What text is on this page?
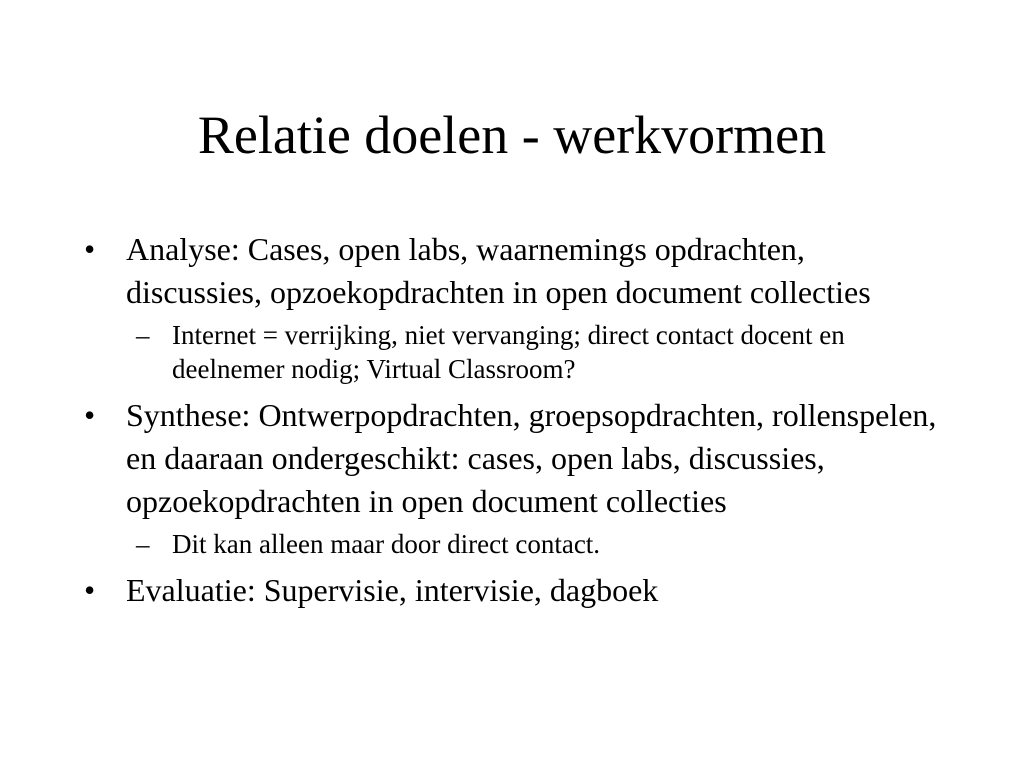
Relatie doelen - werkvormen

• Analyse: Cases, open labs, waarnemings opdrachten, discussies, opzoekopdrachten in open document collecties

– Internet = verrijking, niet vervanging; direct contact docent en deelnemer nodig; Virtual Classroom?

• Synthese: Ontwerpopdrachten, groepsopdrachten, rollenspelen, en daaraan ondergeschikt: cases, open labs, discussies, opzoekopdrachten in open document collecties

– Dit kan alleen maar door direct contact.

• Evaluatie: Supervisie, intervisie, dagboek
